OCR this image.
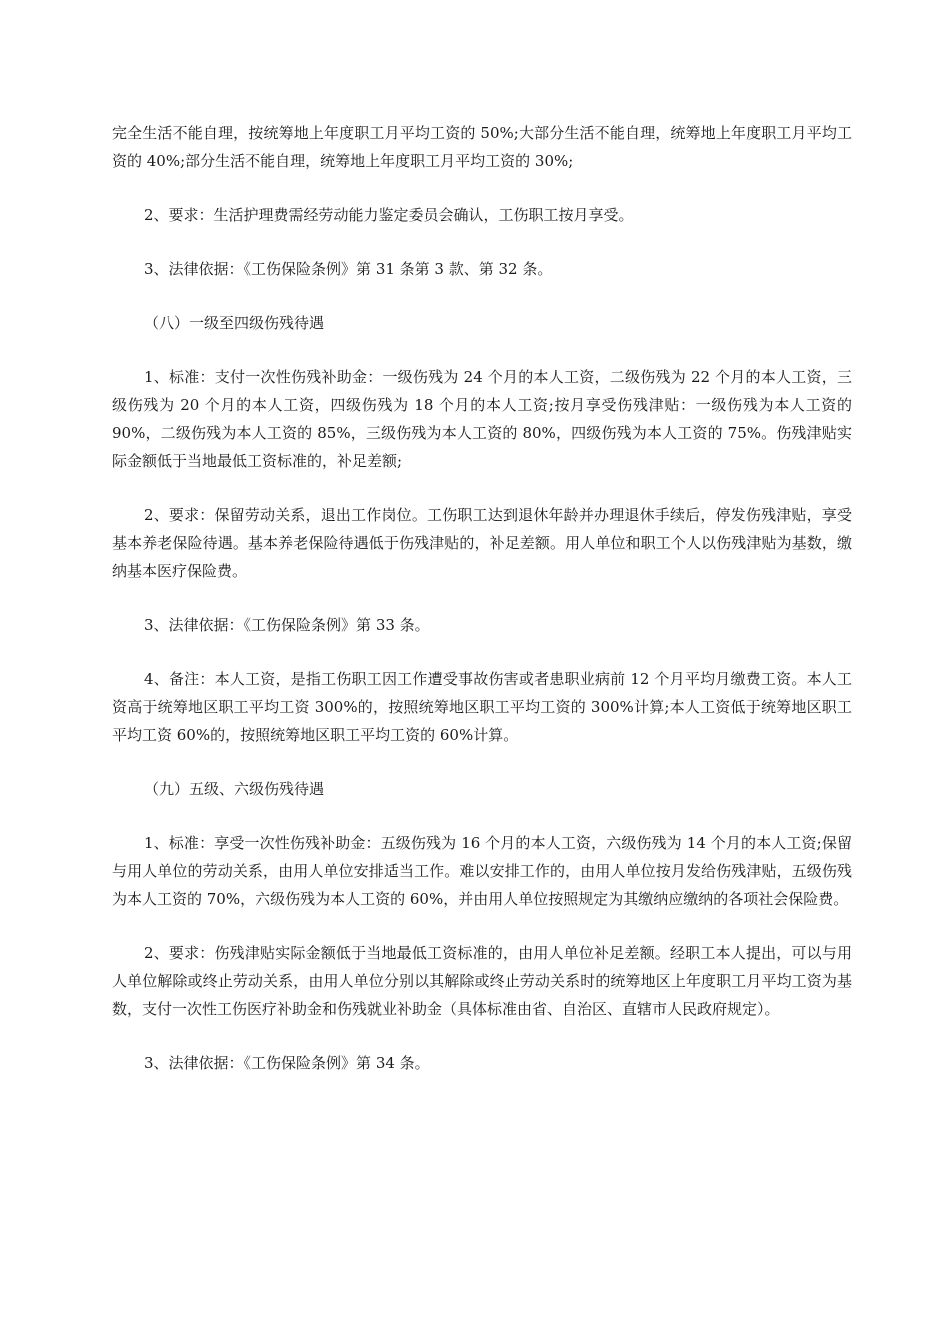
完全生活不能自理，按统筹地上年度职工月平均工资的 50%;大部分生活不能自理，统筹地上年度职工月平均工资的 40%;部分生活不能自理，统筹地上年度职工月平均工资的 30%;

2、要求：生活护理费需经劳动能力鉴定委员会确认，工伤职工按月享受。

3、法律依据：《工伤保险条例》第 31 条第 3 款、第 32 条。

（八）一级至四级伤残待遇

1、标准：支付一次性伤残补助金：一级伤残为 24 个月的本人工资，二级伤残为 22 个月的本人工资，三级伤残为 20 个月的本人工资，四级伤残为 18 个月的本人工资;按月享受伤残津贴：一级伤残为本人工资的 90%，二级伤残为本人工资的 85%，三级伤残为本人工资的 80%，四级伤残为本人工资的 75%。伤残津贴实际金额低于当地最低工资标准的，补足差额;

2、要求：保留劳动关系，退出工作岗位。工伤职工达到退休年龄并办理退休手续后，停发伤残津贴，享受基本养老保险待遇。基本养老保险待遇低于伤残津贴的，补足差额。用人单位和职工个人以伤残津贴为基数，缴纳基本医疗保险费。

3、法律依据：《工伤保险条例》第 33 条。

4、备注：本人工资，是指工伤职工因工作遭受事故伤害或者患职业病前 12 个月平均月缴费工资。本人工资高于统筹地区职工平均工资 300%的，按照统筹地区职工平均工资的 300%计算;本人工资低于统筹地区职工平均工资 60%的，按照统筹地区职工平均工资的 60%计算。

（九）五级、六级伤残待遇

1、标准：享受一次性伤残补助金：五级伤残为 16 个月的本人工资，六级伤残为 14 个月的本人工资;保留与用人单位的劳动关系，由用人单位安排适当工作。难以安排工作的，由用人单位按月发给伤残津贴，五级伤残为本人工资的 70%，六级伤残为本人工资的 60%，并由用人单位按照规定为其缴纳应缴纳的各项社会保险费。

2、要求：伤残津贴实际金额低于当地最低工资标准的，由用人单位补足差额。经职工本人提出，可以与用人单位解除或终止劳动关系，由用人单位分别以其解除或终止劳动关系时的统筹地区上年度职工月平均工资为基数，支付一次性工伤医疗补助金和伤残就业补助金（具体标准由省、自治区、直辖市人民政府规定）。

3、法律依据：《工伤保险条例》第 34 条。
